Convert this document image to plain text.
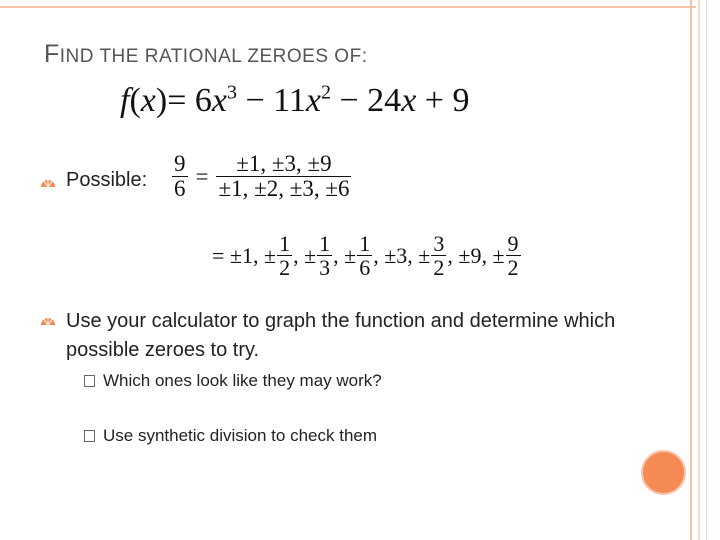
FIND THE RATIONAL ZEROES OF:
$f(x)= 6x^3 - 11x^2 - 24x + 9$
Possible: $\frac{9}{6} = \frac{\pm 1, \pm 3, \pm 9}{\pm 1, \pm 2, \pm 3, \pm 6}$
= ±1, ± $\frac{1}{2}$ , ± $\frac{1}{3}$ , ± $\frac{1}{6}$ , ±3, ± $\frac{3}{2}$ , ±9, ± $\frac{9}{2}$
Use your calculator to graph the function and determine which possible zeroes to try.
Which ones look like they may work?
Use synthetic division to check them
